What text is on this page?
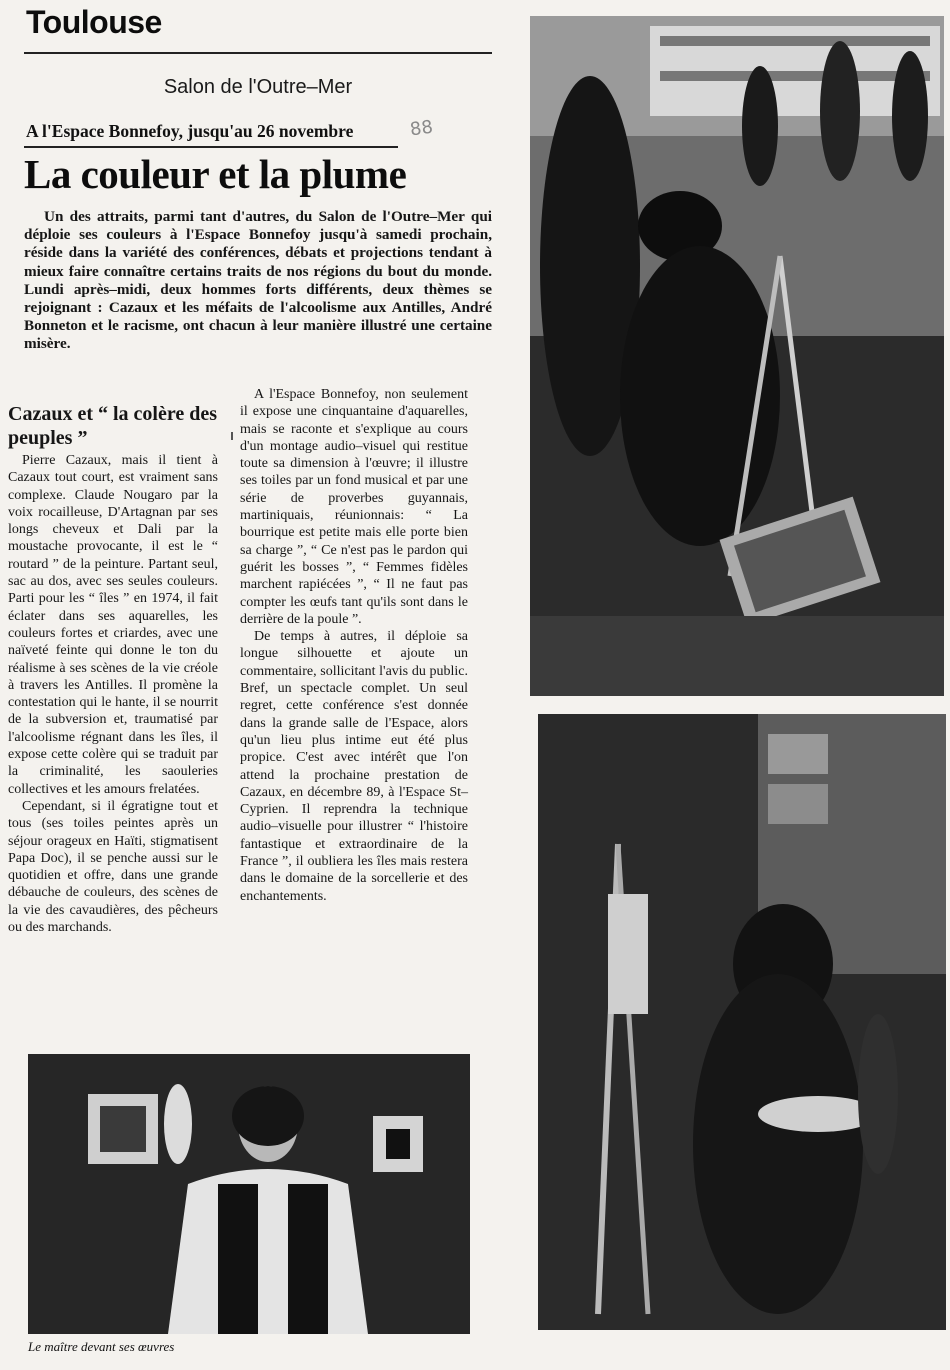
Toulouse
Salon de l'Outre–Mer
A l'Espace Bonnefoy, jusqu'au 26 novembre	88
La couleur et la plume

Un des attraits, parmi tant d'autres, du Salon de l'Outre–Mer qui déploie ses couleurs à l'Espace Bonnefoy jusqu'à samedi prochain, réside dans la variété des conférences, débats et projections tendant à mieux faire connaître certains traits de nos régions du bout du monde. Lundi après–midi, deux hommes forts différents, deux thèmes se rejoignant : Cazaux et les méfaits de l'alcoolisme aux Antilles, André Bonneton et le racisme, ont chacun à leur manière illustré une certaine misère.

Cazaux et “ la colère des peuples ”

Pierre Cazaux, mais il tient à Cazaux tout court, est vraiment sans complexe. Claude Nougaro par la voix rocailleuse, D'Artagnan par ses longs cheveux et Dali par la moustache provocante, il est le “ routard ” de la peinture. Partant seul, sac au dos, avec ses seules couleurs. Parti pour les “ îles ” en 1974, il fait éclater dans ses aquarelles, les couleurs fortes et criardes, avec une naïveté feinte qui donne le ton du réalisme à ses scènes de la vie créole à travers les Antilles. Il promène la contestation qui le hante, il se nourrit de la subversion et, traumatisé par l'alcoolisme régnant dans les îles, il expose cette colère qui se traduit par la criminalité, les saouleries collectives et les amours frelatées.

Cependant, si il égratigne tout et tous (ses toiles peintes après un séjour orageux en Haïti, stigmatisent Papa Doc), il se penche aussi sur le quotidien et offre, dans une grande débauche de couleurs, des scènes de la vie des cavaudières, des pêcheurs ou des marchands.

A l'Espace Bonnefoy, non seulement il expose une cinquantaine d'aquarelles, mais se raconte et s'explique au cours d'un montage audio–visuel qui restitue toute sa dimension à l'œuvre; il illustre ses toiles par un fond musical et par une série de proverbes guyannais, martiniquais, réunionnais: “ La bourrique est petite mais elle porte bien sa charge ”, “ Ce n'est pas le pardon qui guérit les bosses ”, “ Femmes fidèles marchent rapiécées ”, “ Il ne faut pas compter les œufs tant qu'ils sont dans le derrière de la poule ”.

De temps à autres, il déploie sa longue silhouette et ajoute un commentaire, sollicitant l'avis du public. Bref, un spectacle complet. Un seul regret, cette conférence s'est donnée dans la grande salle de l'Espace, alors qu'un lieu plus intime eut été plus propice. C'est avec intérêt que l'on attend la prochaine prestation de Cazaux, en décembre 89, à l'Espace St–Cyprien. Il reprendra la technique audio–visuelle pour illustrer “ l'histoire fantastique et extraordinaire de la France ”, il oubliera les îles mais restera dans le domaine de la sorcellerie et des enchantements.

Le maître devant ses œuvres
